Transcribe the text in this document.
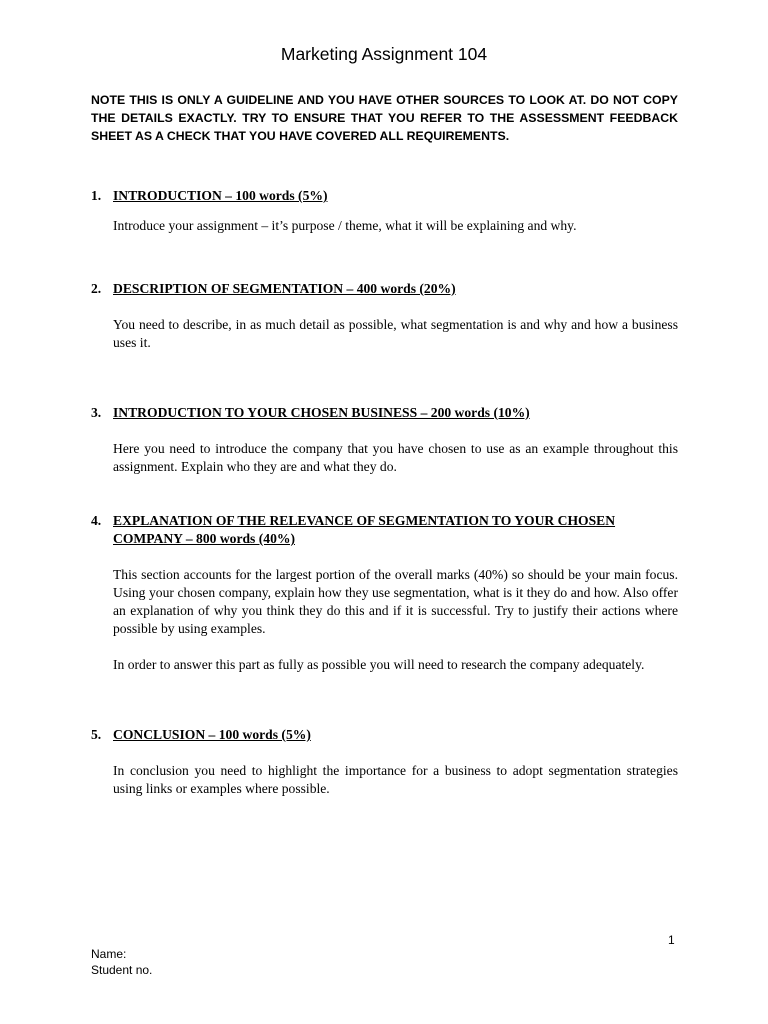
Marketing Assignment 104
NOTE THIS IS ONLY A GUIDELINE AND YOU HAVE OTHER SOURCES TO LOOK AT. DO NOT COPY THE DETAILS EXACTLY. TRY TO ENSURE THAT YOU REFER TO THE ASSESSMENT FEEDBACK SHEET AS A CHECK THAT YOU HAVE COVERED ALL REQUIREMENTS.
1. INTRODUCTION – 100 words (5%)
Introduce your assignment – it’s purpose / theme, what it will be explaining and why.
2. DESCRIPTION OF SEGMENTATION – 400 words (20%)
You need to describe, in as much detail as possible, what segmentation is and why and how a business uses it.
3. INTRODUCTION TO YOUR CHOSEN BUSINESS – 200 words (10%)
Here you need to introduce the company that you have chosen to use as an example throughout this assignment. Explain who they are and what they do.
4. EXPLANATION OF THE RELEVANCE OF SEGMENTATION TO YOUR CHOSEN COMPANY – 800 words (40%)
This section accounts for the largest portion of the overall marks (40%) so should be your main focus. Using your chosen company, explain how they use segmentation, what is it they do and how. Also offer an explanation of why you think they do this and if it is successful. Try to justify their actions where possible by using examples.
In order to answer this part as fully as possible you will need to research the company adequately.
5. CONCLUSION – 100 words (5%)
In conclusion you need to highlight the importance for a business to adopt segmentation strategies using links or examples where possible.
1
Name:
Student no.
